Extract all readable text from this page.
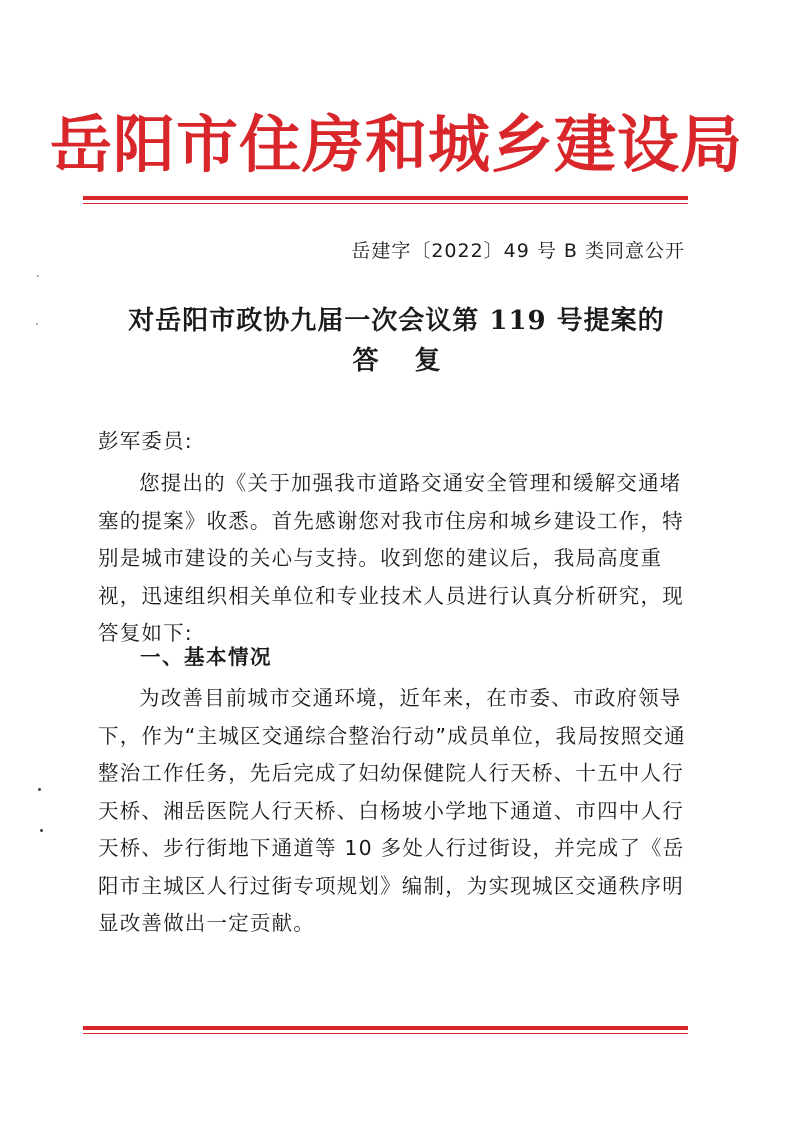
岳阳市住房和城乡建设局
岳建字〔2022〕49 号 B 类同意公开
对岳阳市政协九届一次会议第 119 号提案的
答复
彭军委员:

您提出的《关于加强我市道路交通安全管理和缓解交通堵塞的提案》收悉。首先感谢您对我市住房和城乡建设工作，特别是城市建设的关心与支持。收到您的建议后，我局高度重视，迅速组织相关单位和专业技术人员进行认真分析研究，现答复如下:

一、基本情况

为改善目前城市交通环境，近年来，在市委、市政府领导下，作为“主城区交通综合整治行动”成员单位，我局按照交通整治工作任务，先后完成了妇幼保健院人行天桥、十五中人行天桥、湘岳医院人行天桥、白杨坡小学地下通道、市四中人行天桥、步行街地下通道等 10 多处人行过街设，并完成了《岳阳市主城区人行过街专项规划》编制，为实现城区交通秩序明显改善做出一定贡献。
